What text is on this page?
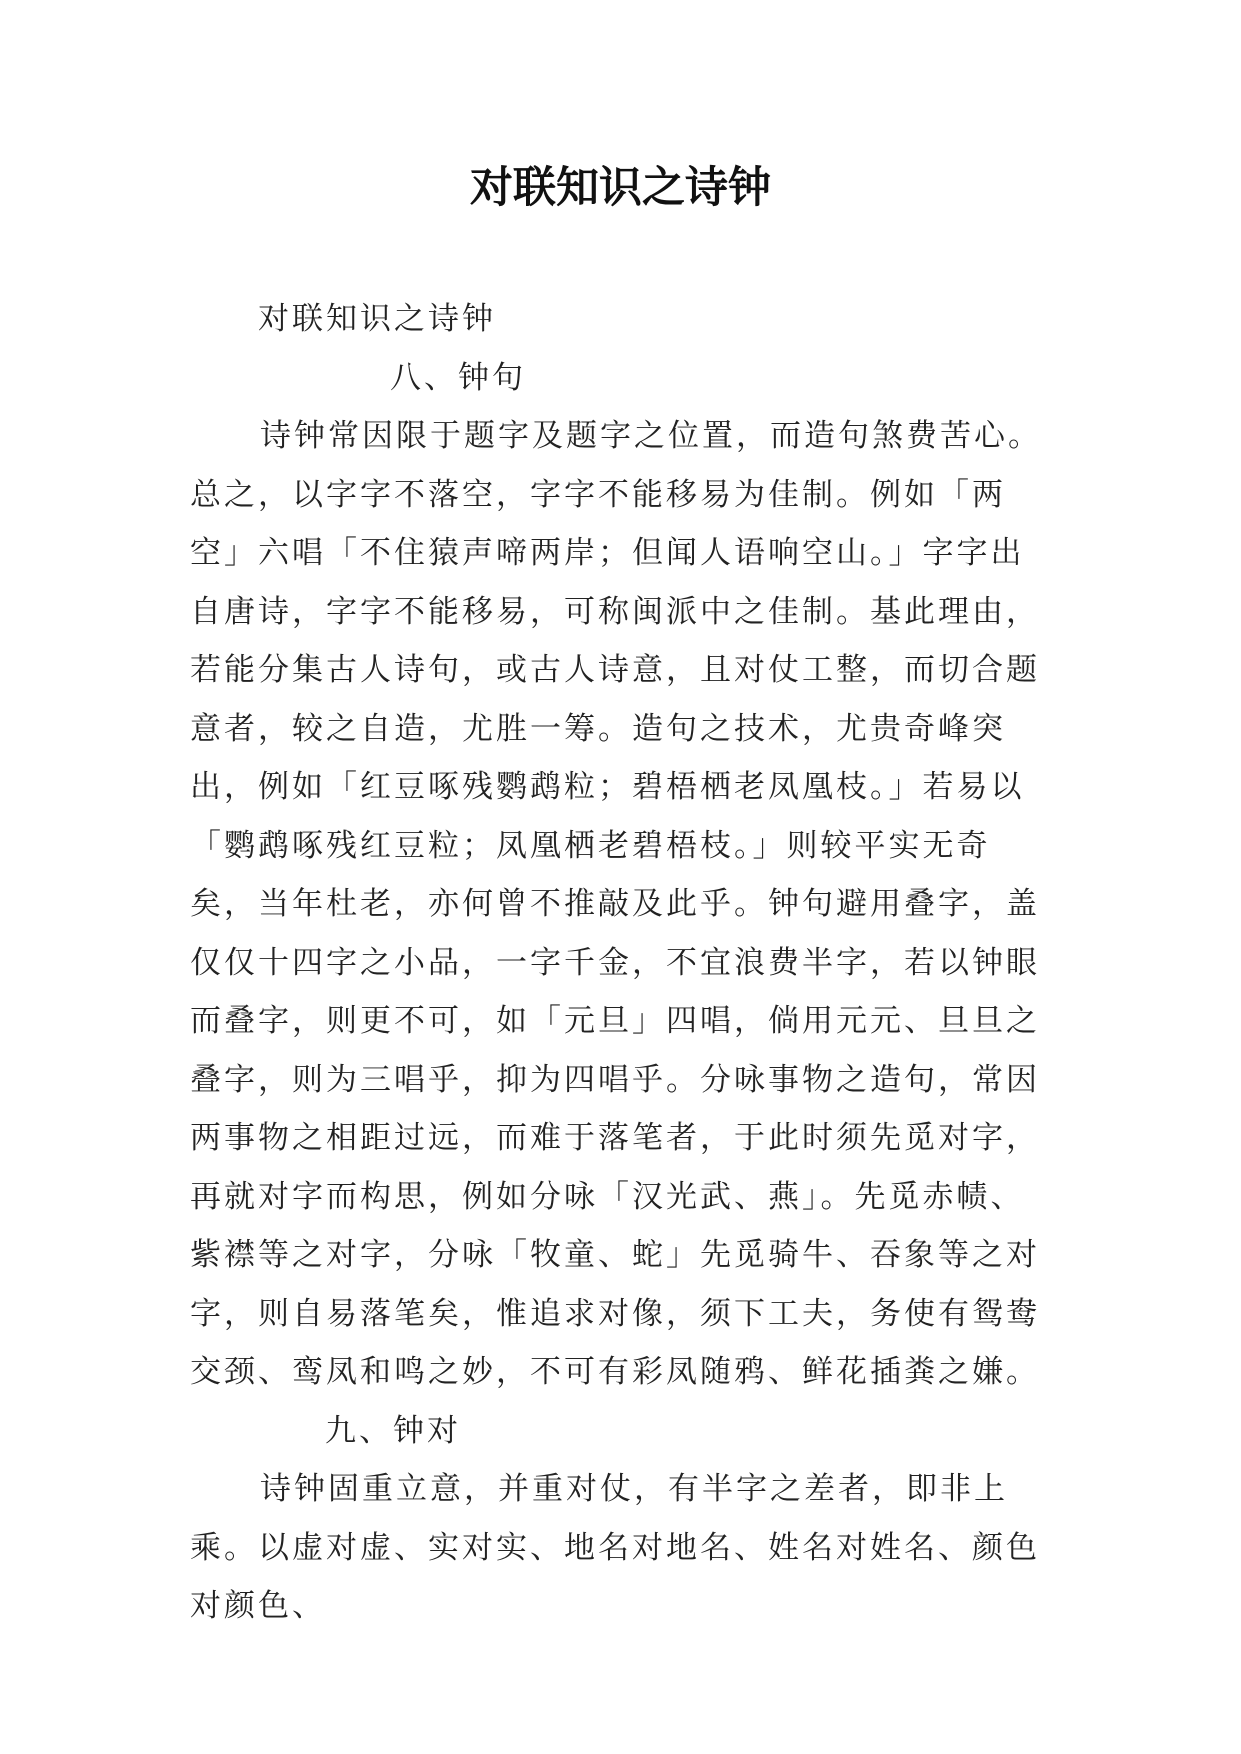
对联知识之诗钟

对联知识之诗钟

八、钟句

诗钟常因限于题字及题字之位置，而造句煞费苦心。总之，以字字不落空，字字不能移易为佳制。例如「两空」六唱「不住猿声啼两岸；但闻人语响空山。」字字出自唐诗，字字不能移易，可称闽派中之佳制。基此理由，若能分集古人诗句，或古人诗意，且对仗工整，而切合题意者，较之自造，尤胜一筹。造句之技术，尤贵奇峰突出，例如「红豆啄残鹦鹉粒；碧梧栖老凤凰枝。」若易以「鹦鹉啄残红豆粒；凤凰栖老碧梧枝。」则较平实无奇矣，当年杜老，亦何曾不推敲及此乎。钟句避用叠字，盖仅仅十四字之小品，一字千金，不宜浪费半字，若以钟眼而叠字，则更不可，如「元旦」四唱，倘用元元、旦旦之叠字，则为三唱乎，抑为四唱乎。分咏事物之造句，常因两事物之相距过远，而难于落笔者，于此时须先觅对字，再就对字而构思，例如分咏「汉光武、燕」。先觅赤帻、紫襟等之对字，分咏「牧童、蛇」先觅骑牛、吞象等之对字，则自易落笔矣，惟追求对像，须下工夫，务使有鸳鸯交颈、鸾凤和鸣之妙，不可有彩凤随鸦、鲜花插粪之嫌。

九、钟对

诗钟固重立意，并重对仗，有半字之差者，即非上乘。以虚对虚、实对实、地名对地名、姓名对姓名、颜色对颜色、
